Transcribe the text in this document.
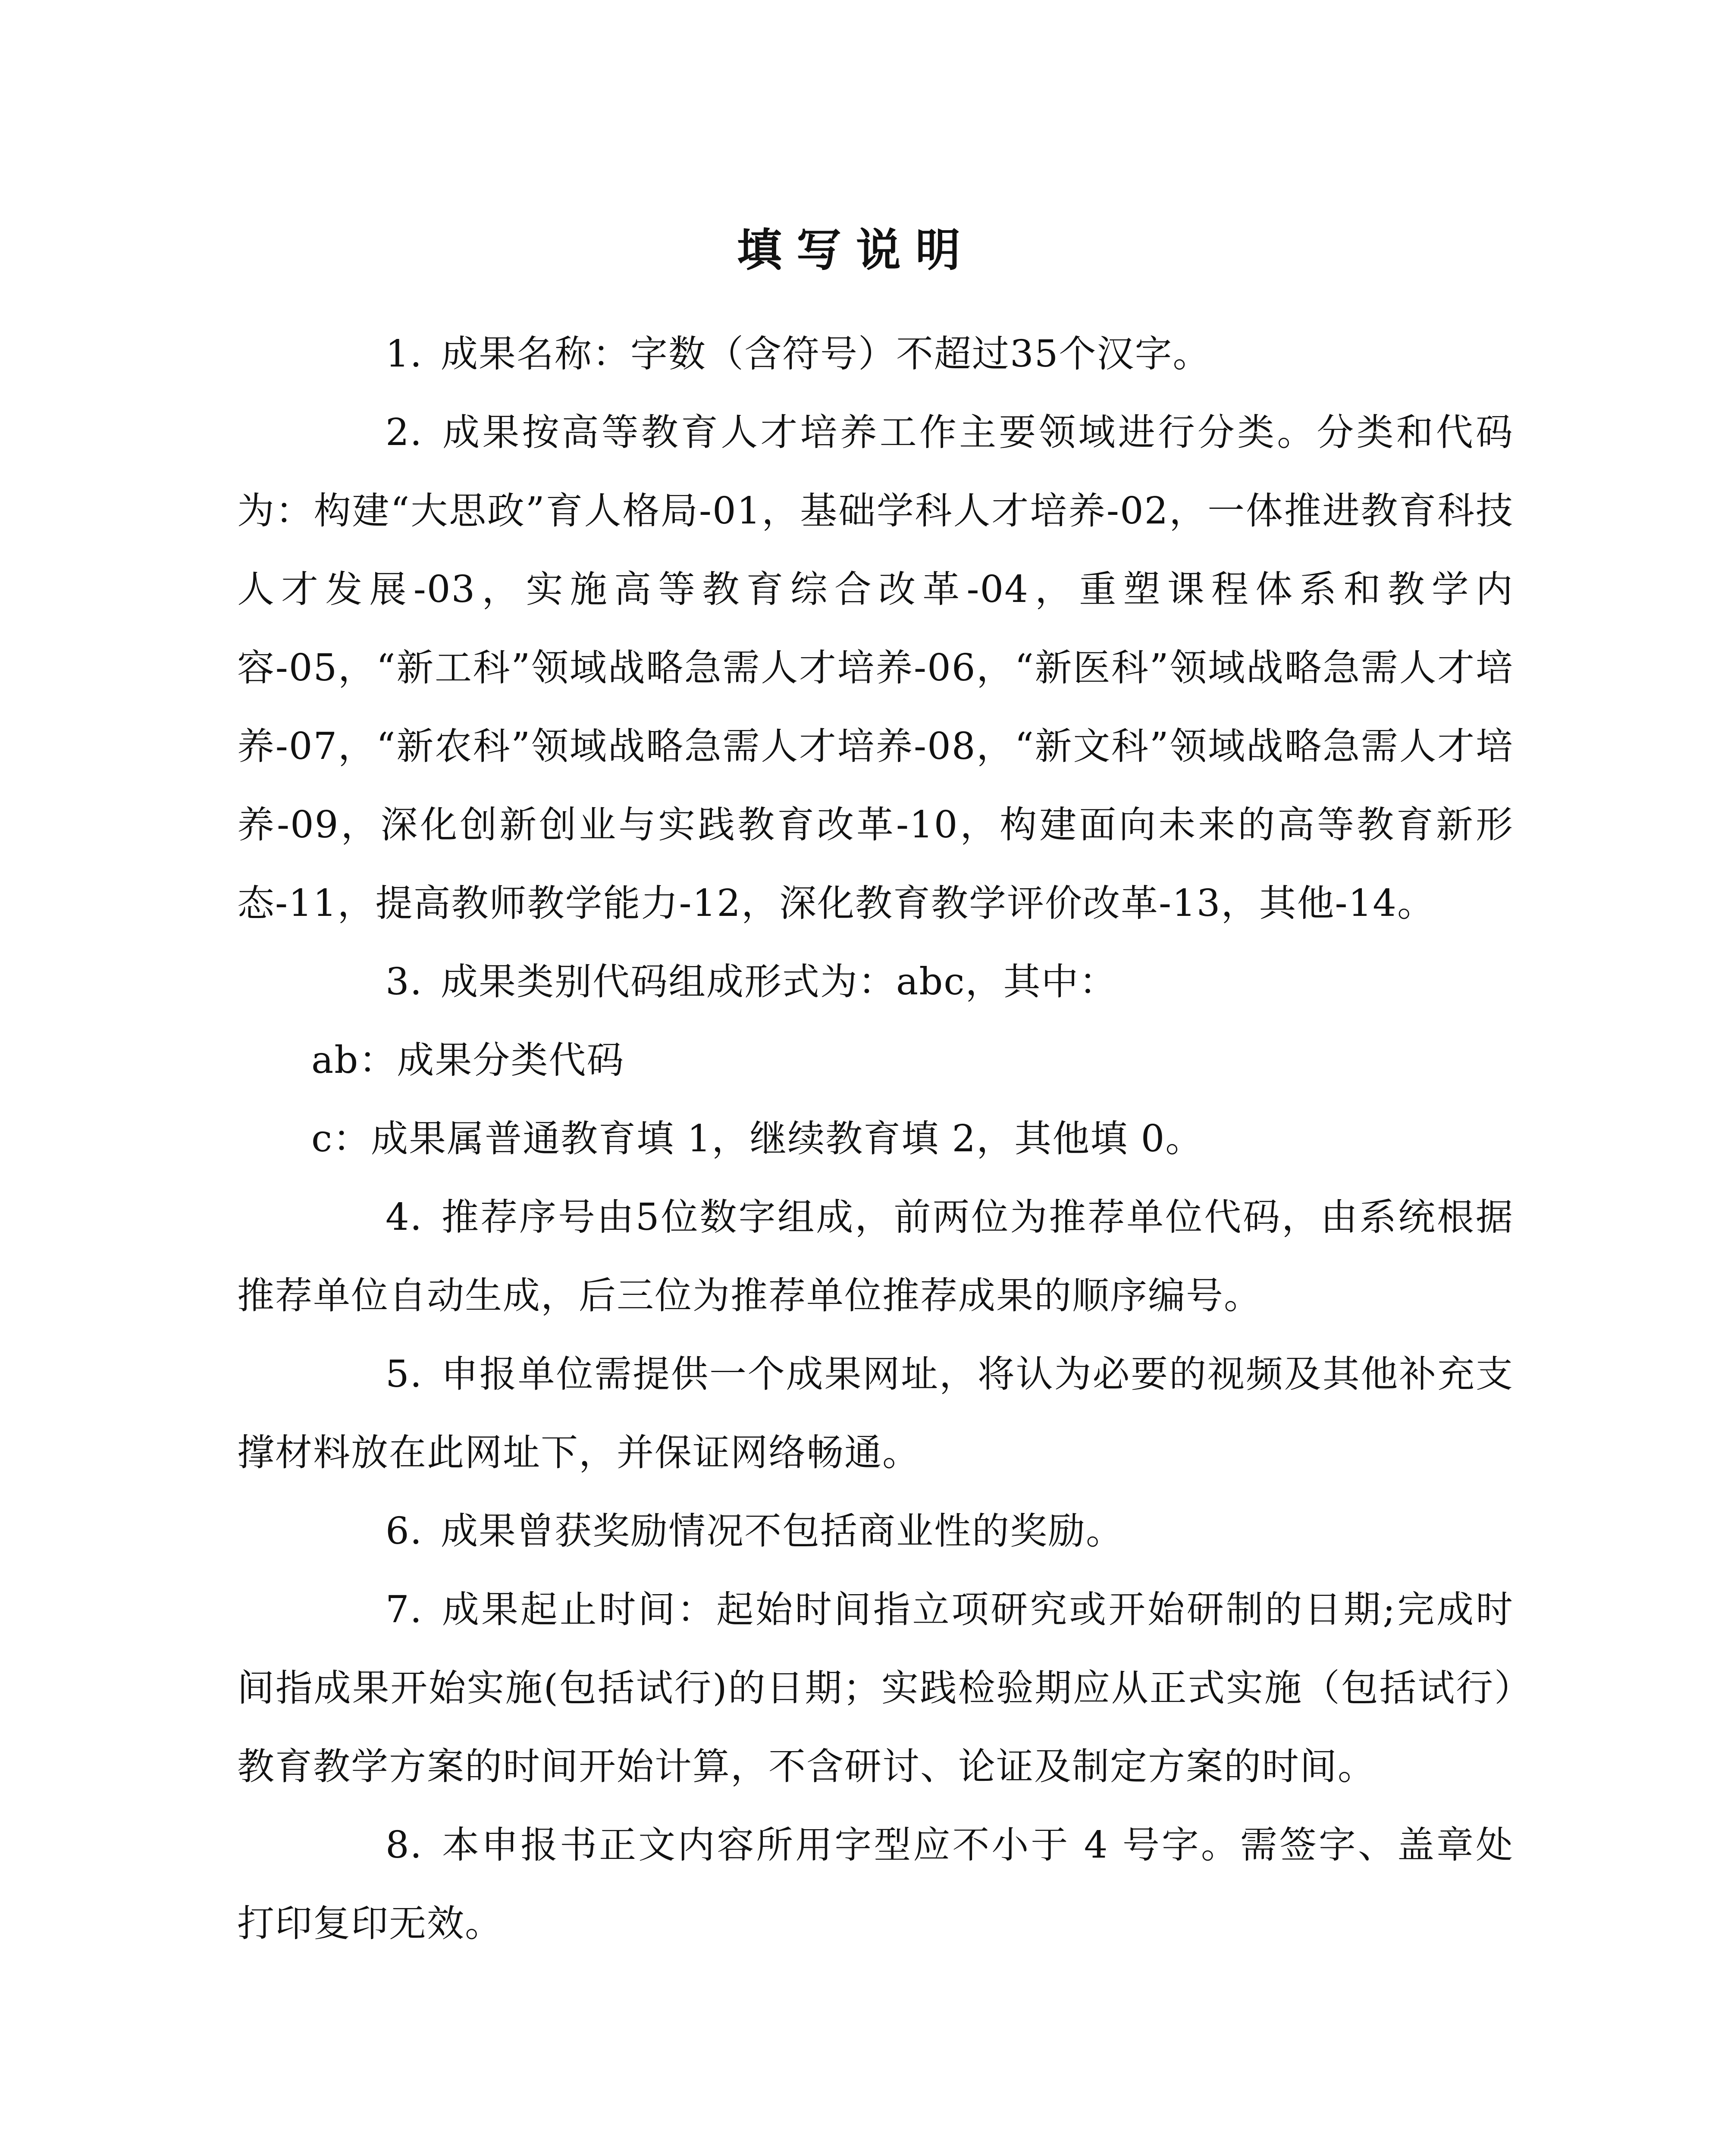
填写说明

1. 成果名称：字数（含符号）不超过35个汉字。

2. 成果按高等教育人才培养工作主要领域进行分类。分类和代码为：构建“大思政”育人格局-01，基础学科人才培养-02，一体推进教育科技人才发展-03，实施高等教育综合改革-04，重塑课程体系和教学内容-05，“新工科”领域战略急需人才培养-06，“新医科”领域战略急需人才培养-07，“新农科”领域战略急需人才培养-08，“新文科”领域战略急需人才培养-09，深化创新创业与实践教育改革-10，构建面向未来的高等教育新形态-11，提高教师教学能力-12，深化教育教学评价改革-13，其他-14。

3. 成果类别代码组成形式为：abc，其中：

ab：成果分类代码

c：成果属普通教育填 1，继续教育填 2，其他填 0。

4. 推荐序号由5位数字组成，前两位为推荐单位代码，由系统根据推荐单位自动生成，后三位为推荐单位推荐成果的顺序编号。

5. 申报单位需提供一个成果网址，将认为必要的视频及其他补充支撑材料放在此网址下，并保证网络畅通。

6. 成果曾获奖励情况不包括商业性的奖励。

7. 成果起止时间：起始时间指立项研究或开始研制的日期;完成时间指成果开始实施(包括试行)的日期；实践检验期应从正式实施（包括试行）教育教学方案的时间开始计算，不含研讨、论证及制定方案的时间。

8. 本申报书正文内容所用字型应不小于 4 号字。需签字、盖章处打印复印无效。
